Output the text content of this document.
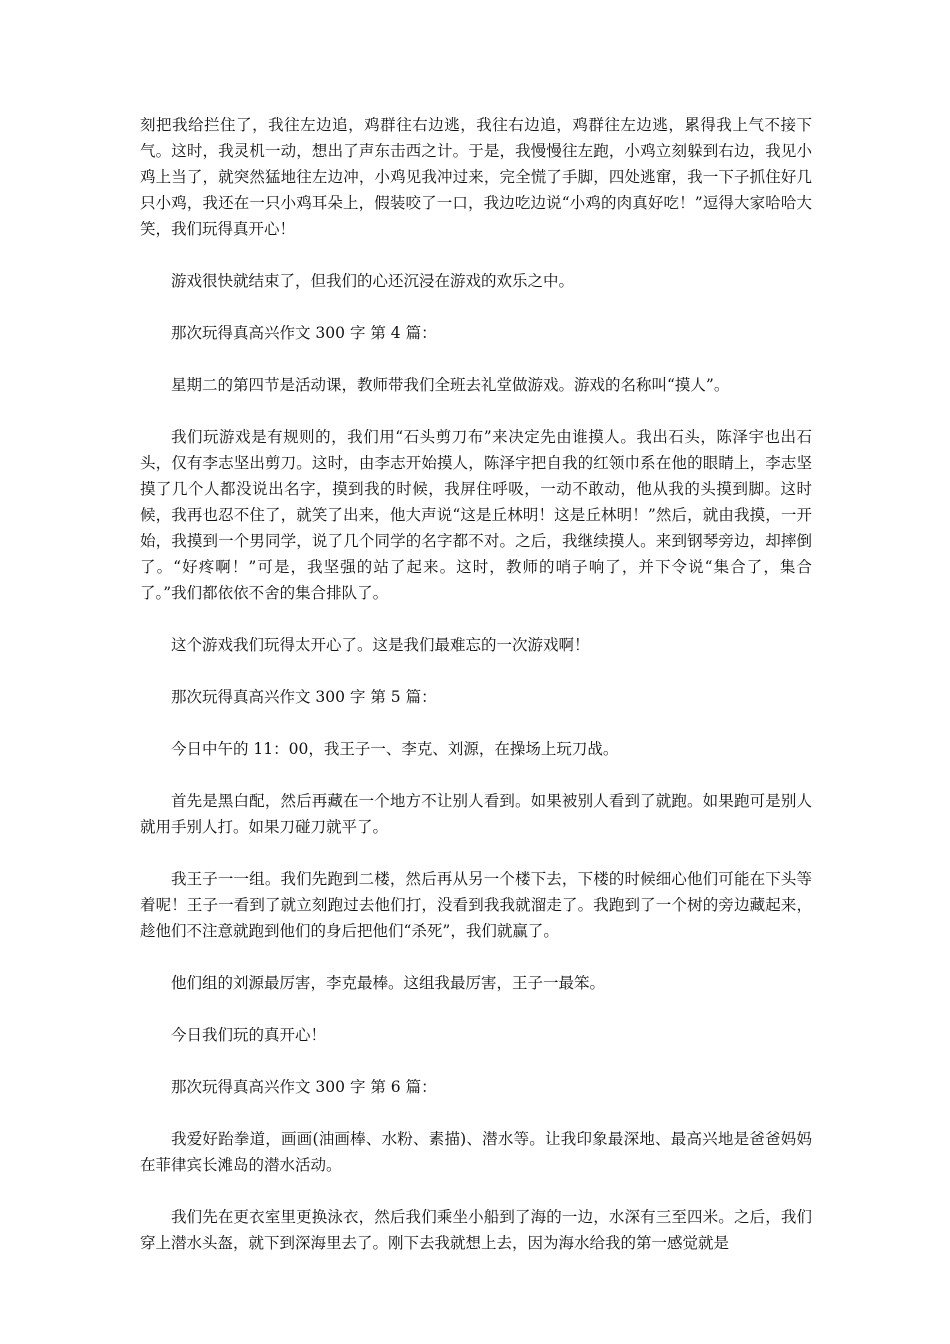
刻把我给拦住了，我往左边追，鸡群往右边逃，我往右边追，鸡群往左边逃，累得我上气不接下气。这时，我灵机一动，想出了声东击西之计。于是，我慢慢往左跑，小鸡立刻躲到右边，我见小鸡上当了，就突然猛地往左边冲，小鸡见我冲过来，完全慌了手脚，四处逃窜，我一下子抓住好几只小鸡，我还在一只小鸡耳朵上，假装咬了一口，我边吃边说“小鸡的肉真好吃！”逗得大家哈哈大笑，我们玩得真开心！

游戏很快就结束了，但我们的心还沉浸在游戏的欢乐之中。

那次玩得真高兴作文 300 字 第 4 篇：

星期二的第四节是活动课，教师带我们全班去礼堂做游戏。游戏的名称叫“摸人”。

我们玩游戏是有规则的，我们用“石头剪刀布”来决定先由谁摸人。我出石头，陈泽宇也出石头，仅有李志坚出剪刀。这时，由李志开始摸人，陈泽宇把自我的红领巾系在他的眼睛上，李志坚摸了几个人都没说出名字，摸到我的时候，我屏住呼吸，一动不敢动，他从我的头摸到脚。这时候，我再也忍不住了，就笑了出来，他大声说“这是丘林明！这是丘林明！”然后，就由我摸，一开始，我摸到一个男同学，说了几个同学的名字都不对。之后，我继续摸人。来到钢琴旁边，却摔倒了。“好疼啊！”可是，我坚强的站了起来。这时，教师的哨子响了，并下令说“集合了，集合了。”我们都依依不舍的集合排队了。

这个游戏我们玩得太开心了。这是我们最难忘的一次游戏啊！

那次玩得真高兴作文 300 字 第 5 篇：

今日中午的 11：00，我王子一、李克、刘源，在操场上玩刀战。

首先是黑白配，然后再藏在一个地方不让别人看到。如果被别人看到了就跑。如果跑可是别人就用手别人打。如果刀碰刀就平了。

我王子一一组。我们先跑到二楼，然后再从另一个楼下去，下楼的时候细心他们可能在下头等着呢！王子一看到了就立刻跑过去他们打，没看到我我就溜走了。我跑到了一个树的旁边藏起来，趁他们不注意就跑到他们的身后把他们“杀死”，我们就赢了。

他们组的刘源最厉害，李克最棒。这组我最厉害，王子一最笨。

今日我们玩的真开心！

那次玩得真高兴作文 300 字 第 6 篇：

我爱好跆拳道，画画(油画棒、水粉、素描)、潜水等。让我印象最深地、最高兴地是爸爸妈妈在菲律宾长滩岛的潜水活动。

我们先在更衣室里更换泳衣，然后我们乘坐小船到了海的一边，水深有三至四米。之后，我们穿上潜水头盔，就下到深海里去了。刚下去我就想上去，因为海水给我的第一感觉就是
